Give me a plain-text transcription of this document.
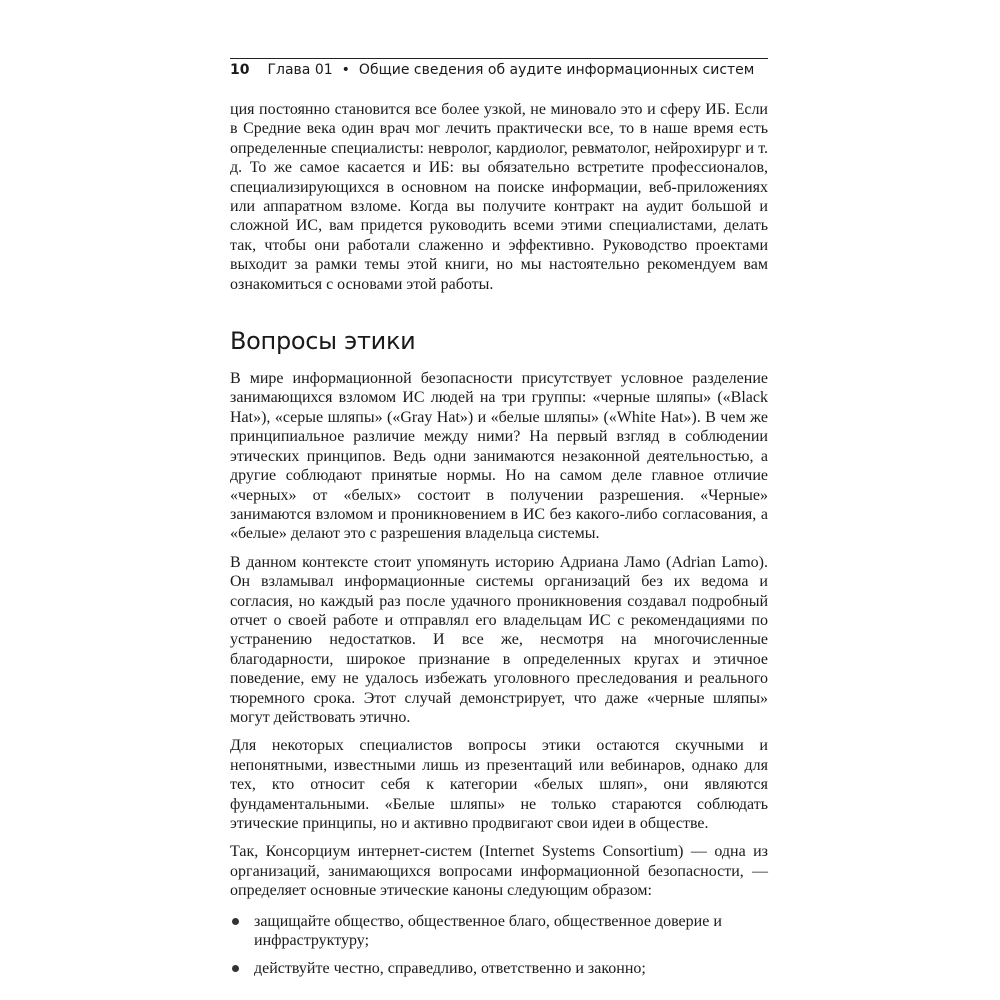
10 Глава 01 • Общие сведения об аудите информационных систем

ция постоянно становится все более узкой, не миновало это и сферу ИБ. Если в Средние века один врач мог лечить практически все, то в наше время есть определенные специалисты: невролог, кардиолог, ревматолог, нейрохирург и т. д. То же самое касается и ИБ: вы обязательно встретите профессионалов, специализирующихся в основном на поиске информации, веб-приложениях или аппаратном взломе. Когда вы получите контракт на аудит большой и сложной ИС, вам придется руководить всеми этими специалистами, делать так, чтобы они работали слаженно и эффективно. Руководство проектами выходит за рамки темы этой книги, но мы настоятельно рекомендуем вам ознакомиться с основами этой работы.

Вопросы этики

В мире информационной безопасности присутствует условное разделение занимающихся взломом ИС людей на три группы: «черные шляпы» («Black Hat»), «серые шляпы» («Gray Hat») и «белые шляпы» («White Hat»). В чем же принципиальное различие между ними? На первый взгляд в соблюдении этических принципов. Ведь одни занимаются незаконной деятельностью, а другие соблюдают принятые нормы. Но на самом деле главное отличие «черных» от «белых» состоит в получении разрешения. «Черные» занимаются взломом и проникновением в ИС без какого-либо согласования, а «белые» делают это с разрешения владельца системы.

В данном контексте стоит упомянуть историю Адриана Ламо (Adrian Lamo). Он взламывал информационные системы организаций без их ведома и согласия, но каждый раз после удачного проникновения создавал подробный отчет о своей работе и отправлял его владельцам ИС с рекомендациями по устранению недостатков. И все же, несмотря на многочисленные благодарности, широкое признание в определенных кругах и этичное поведение, ему не удалось избежать уголовного преследования и реального тюремного срока. Этот случай демонстрирует, что даже «черные шляпы» могут действовать этично.

Для некоторых специалистов вопросы этики остаются скучными и непонятными, известными лишь из презентаций или вебинаров, однако для тех, кто относит себя к категории «белых шляп», они являются фундаментальными. «Белые шляпы» не только стараются соблюдать этические принципы, но и активно продвигают свои идеи в обществе.

Так, Консорциум интернет-систем (Internet Systems Consortium) — одна из организаций, занимающихся вопросами информационной безопасности, — определяет основные этические каноны следующим образом:

защищайте общество, общественное благо, общественное доверие и инфраструктуру;
действуйте честно, справедливо, ответственно и законно;
